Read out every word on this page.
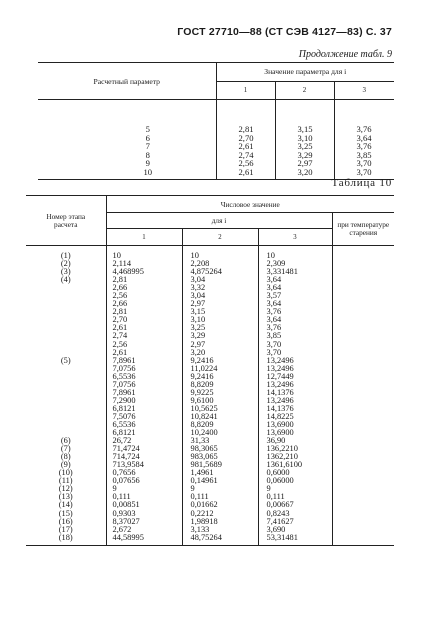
ГОСТ 27710—88 (СТ СЭВ 4127—83) С. 37
Продолжение табл. 9
Расчетный параметр	Значение параметра для i		
	1	2	3

5	2,81	3,15	3,76
6	2,70	3,10	3,64
7	2,61	3,25	3,76
8	2,74	3,29	3,85
9	2,56	2,97	3,70
10	2,61	3,20	3,70
Таблица 10
Номер этапа
расчета	Числовое значение			
	для i			при температуре
старения
	1	2	3	

(1)	10	10	10	
(2)	2,114	2,208	2,309	
(3)	4,468995	4,875264	3,331481	
(4)	2,81	3,04	3,64	
	2,66	3,32	3,64	
	2,56	3,04	3,57	
	2,66	2,97	3,64	
	2,81	3,15	3,76	
	2,70	3,10	3,64	
	2,61	3,25	3,76	
	2,74	3,29	3,85	
	2,56	2,97	3,70	
	2,61	3,20	3,70	
(5)	7,8961	9,2416	13,2496	
	7,0756	11,0224	13,2496	
	6,5536	9,2416	12,7449	
	7,0756	8,8209	13,2496	
	7,8961	9,9225	14,1376	
	7,2900	9,6100	13,2496	
	6,8121	10,5625	14,1376	
	7,5076	10,8241	14,8225	
	6,5536	8,8209	13,6900	
	6,8121	10,2400	13,6900	
(6)	26,72	31,33	36,90	
(7)	71,4724	98,3065	136,2210	
(8)	714,724	983,065	1362,210	
(9)	713,9584	981,5689	1361,6100	
(10)	0,7656	1,4961	0,6000	
(11)	0,07656	0,14961	0,06000	
(12)	9	9	9	
(13)	0,111	0,111	0,111	
(14)	0,00851	0,01662	0,00667	
(15)	0,9303	0,2212	0,8243	
(16)	8,37027	1,98918	7,41627	
(17)	2,672	3,133	3,690	
(18)	44,58995	48,75264	53,31481	
